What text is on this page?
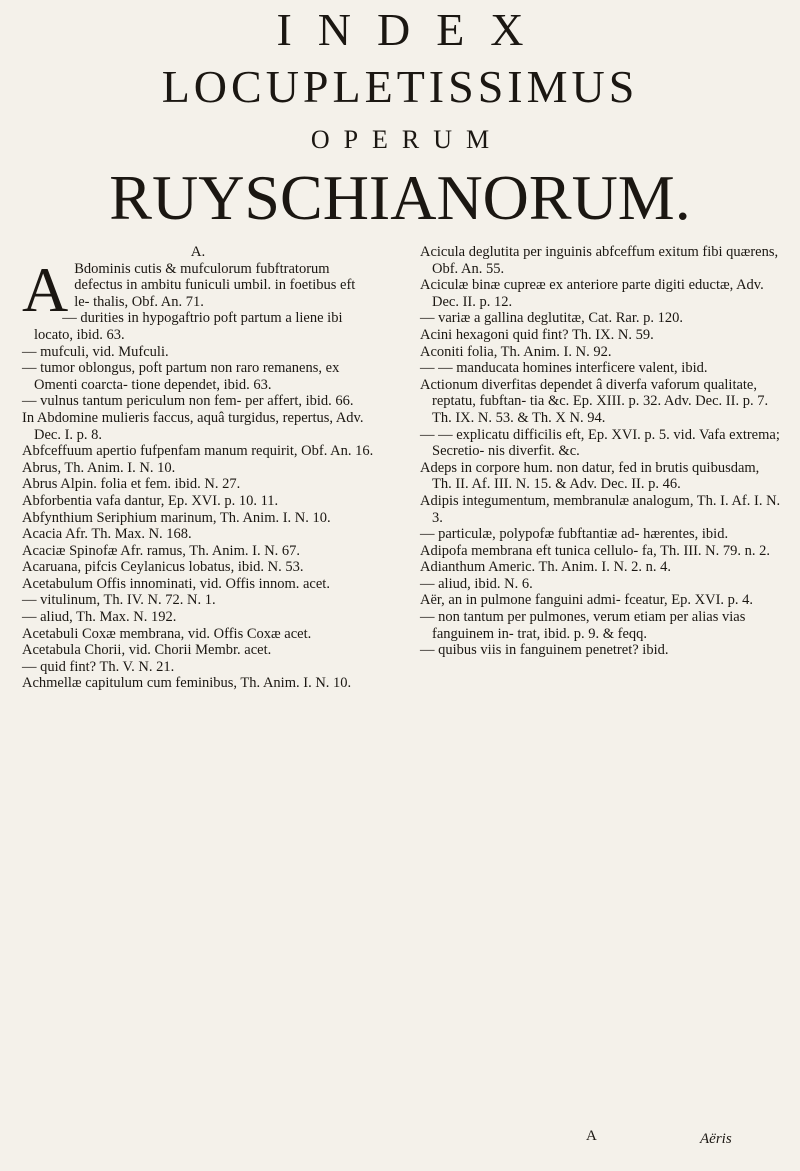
INDEX
LOCUPLETISSIMUS
OPERUM
RUYSCHIANORUM.
A.

A Bdominis cutis & mufculorum fubftratorum defectus in ambitu funiculi umbil. in foetibus eft le- thalis, Obf. An. 71.

— durities in hypogaftrio poft partum a liene ibi locato, ibid. 63.

— mufculi, vid. Mufculi.

— tumor oblongus, poft partum non raro remanens, ex Omenti coarcta- tione dependet, ibid. 63.

— vulnus tantum periculum non fem- per affert, ibid. 66.

In Abdomine mulieris faccus, aquâ turgidus, repertus, Adv. Dec. I. p. 8.

Abfceffuum apertio fufpenfam manum requirit, Obf. An. 16.

Abrus, Th. Anim. I. N. 10.

Abrus Alpin. folia et fem. ibid. N. 27.

Abforbentia vafa dantur, Ep. XVI. p. 10. 11.

Abfynthium Seriphium marinum, Th. Anim. I. N. 10.

Acacia Afr. Th. Max. N. 168.

Acaciæ Spinofæ Afr. ramus, Th. Anim. I. N. 67.

Acaruana, pifcis Ceylanicus lobatus, ibid. N. 53.

Acetabulum Offis innominati, vid. Offis innom. acet.

— vitulinum, Th. IV. N. 72. N. 1.

— aliud, Th. Max. N. 192.

Acetabuli Coxæ membrana, vid. Offis Coxæ acet.

Acetabula Chorii, vid. Chorii Membr. acet.

— quid fint? Th. V. N. 21.

Achmellæ capitulum cum feminibus, Th. Anim. I. N. 10.

Acicula deglutita per inguinis abfceffum exitum fibi quærens, Obf. An. 55.

Aciculæ binæ cupreæ ex anteriore parte digiti eductæ, Adv. Dec. II. p. 12.

— variæ a gallina deglutitæ, Cat. Rar. p. 120.

Acini hexagoni quid fint? Th. IX. N. 59.

Aconiti folia, Th. Anim. I. N. 92.

— — manducata homines interficere valent, ibid.

Actionum diverfitas dependet â diverfa vaforum qualitate, reptatu, fubftan- tia &c. Ep. XIII. p. 32. Adv. Dec. II. p. 7. Th. IX. N. 53. & Th. X N. 94.

— — explicatu difficilis eft, Ep. XVI. p. 5. vid. Vafa extrema; Secretio- nis diverfit. &c.

Adeps in corpore hum. non datur, fed in brutis quibusdam, Th. II. Af. III. N. 15. & Adv. Dec. II. p. 46.

Adipis integumentum, membranulæ analogum, Th. I. Af. I. N. 3.

— particulæ, polypofæ fubftantiæ ad- hærentes, ibid.

Adipofa membrana eft tunica cellulo- fa, Th. III. N. 79. n. 2.

Adianthum Americ. Th. Anim. I. N. 2. n. 4.

— aliud, ibid. N. 6.

Aër, an in pulmone fanguini admi- fceatur, Ep. XVI. p. 4.

— non tantum per pulmones, verum etiam per alias vias fanguinem in- trat, ibid. p. 9. & feqq.

— quibus viis in fanguinem penetret? ibid.

A	Aëris
